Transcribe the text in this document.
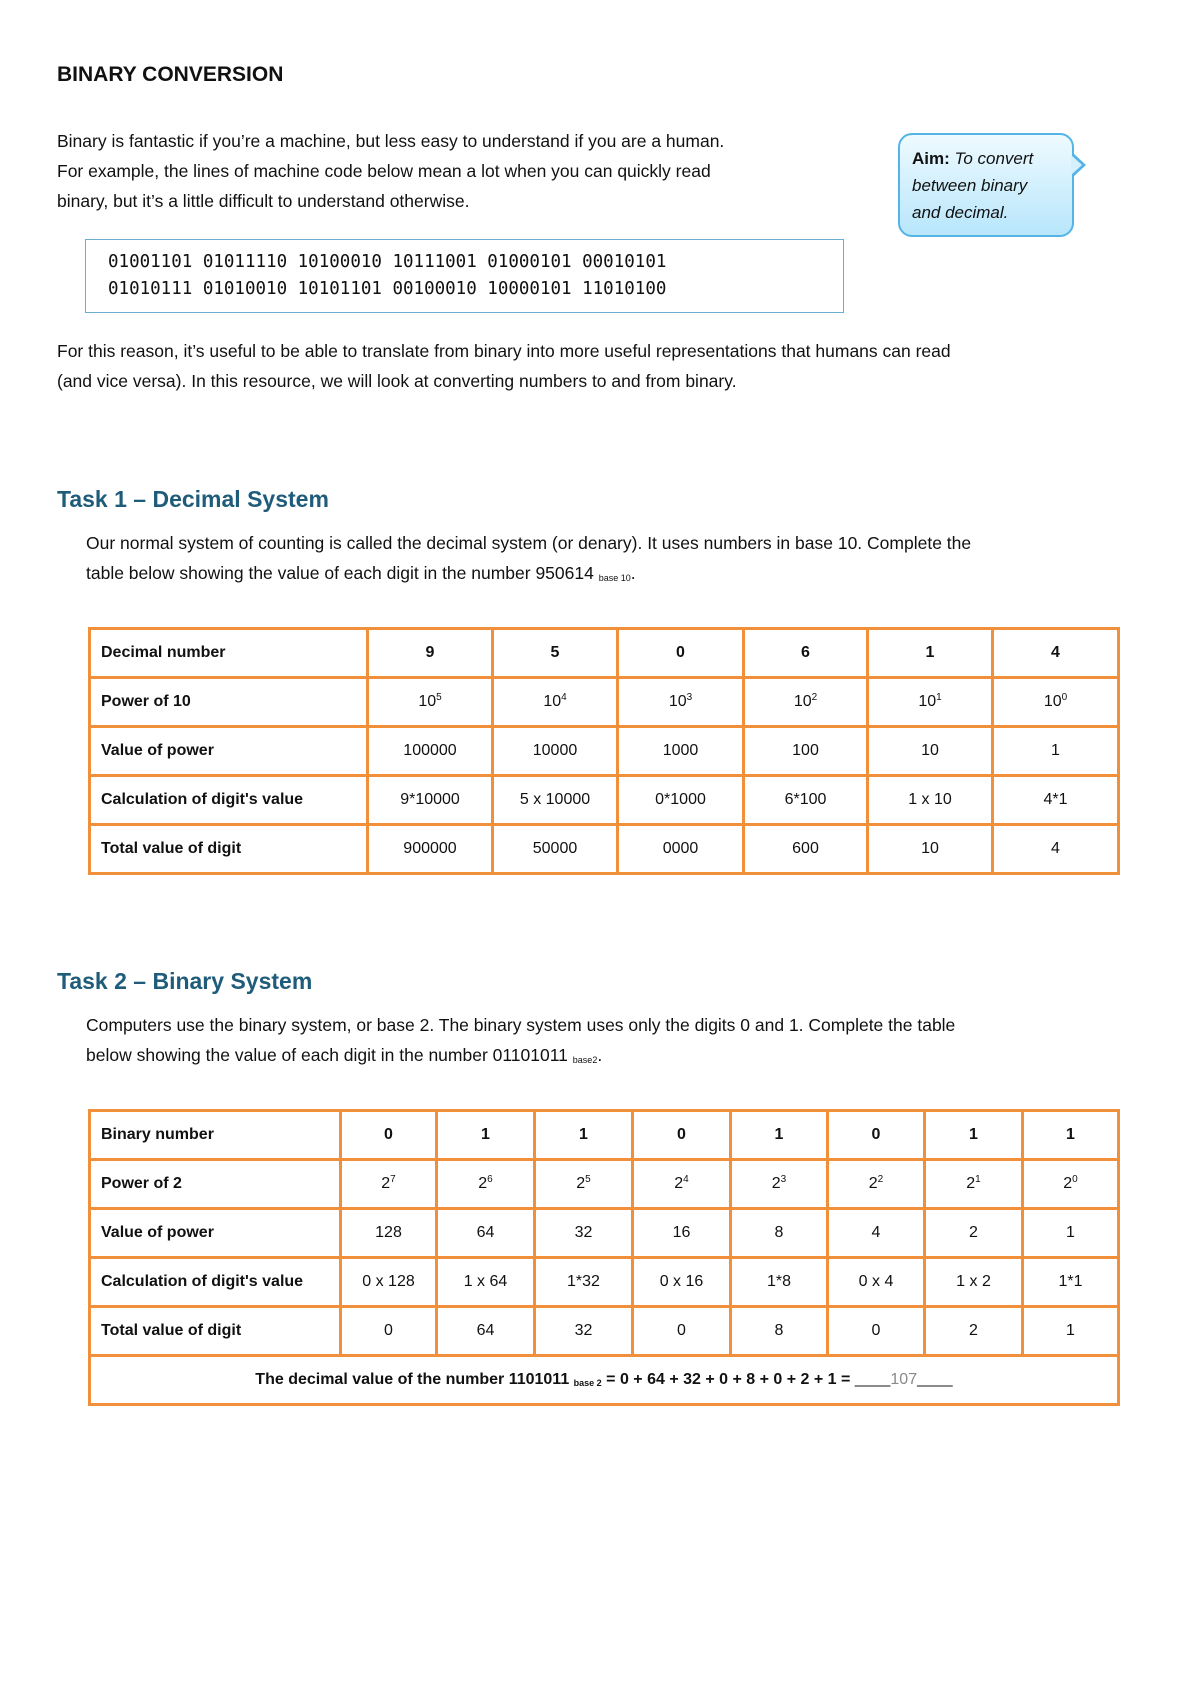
BINARY CONVERSION

Binary is fantastic if you’re a machine, but less easy to understand if you are a human.

For example, the lines of machine code below mean a lot when you can quickly read

binary, but it’s a little difficult to understand otherwise.

Aim: To convert
between binary
and decimal.
01001101 01011110 10100010 10111001 01000101 00010101
01010111 01010010 10101101 00100010 10000101 11010100
For this reason, it’s useful to be able to translate from binary into more useful representations that humans can read
(and vice versa). In this resource, we will look at converting numbers to and from binary.
Task 1 – Decimal System
Our normal system of counting is called the decimal system (or denary). It uses numbers in base 10. Complete the
table below showing the value of each digit in the number 950614 $_{base 10}$.
Decimal number	9	5	0	6	1	4
Power of 10	$10^5$	$10^4$	$10^3$	$10^2$	$10^1$	$10^0$
Value of power	100000	10000	1000	100	10	1
Calculation of digit's value	9*10000	5 x 10000	0*1000	6*100	1 x 10	4*1
Total value of digit	900000	50000	0000	600	10	4
Task 2 – Binary System
Computers use the binary system, or base 2. The binary system uses only the digits 0 and 1. Complete the table
below showing the value of each digit in the number 01101011 $_{base2}$.
Binary number	0	1	1	0	1	0	1	1
Power of 2	$2^7$	$2^6$	$2^5$	$2^4$	$2^3$	$2^2$	$2^1$	$2^0$
Value of power	128	64	32	16	8	4	2	1
Calculation of digit's value	0 x 128	1 x 64	1*32	0 x 16	1*8	0 x 4	1 x 2	1*1
Total value of digit	0	64	32	0	8	0	2	1
The decimal value of the number 1101011 $_{base 2}$ = 0 + 64 + 32 + 0 + 8 + 0 + 2 + 1 = ____107____								
